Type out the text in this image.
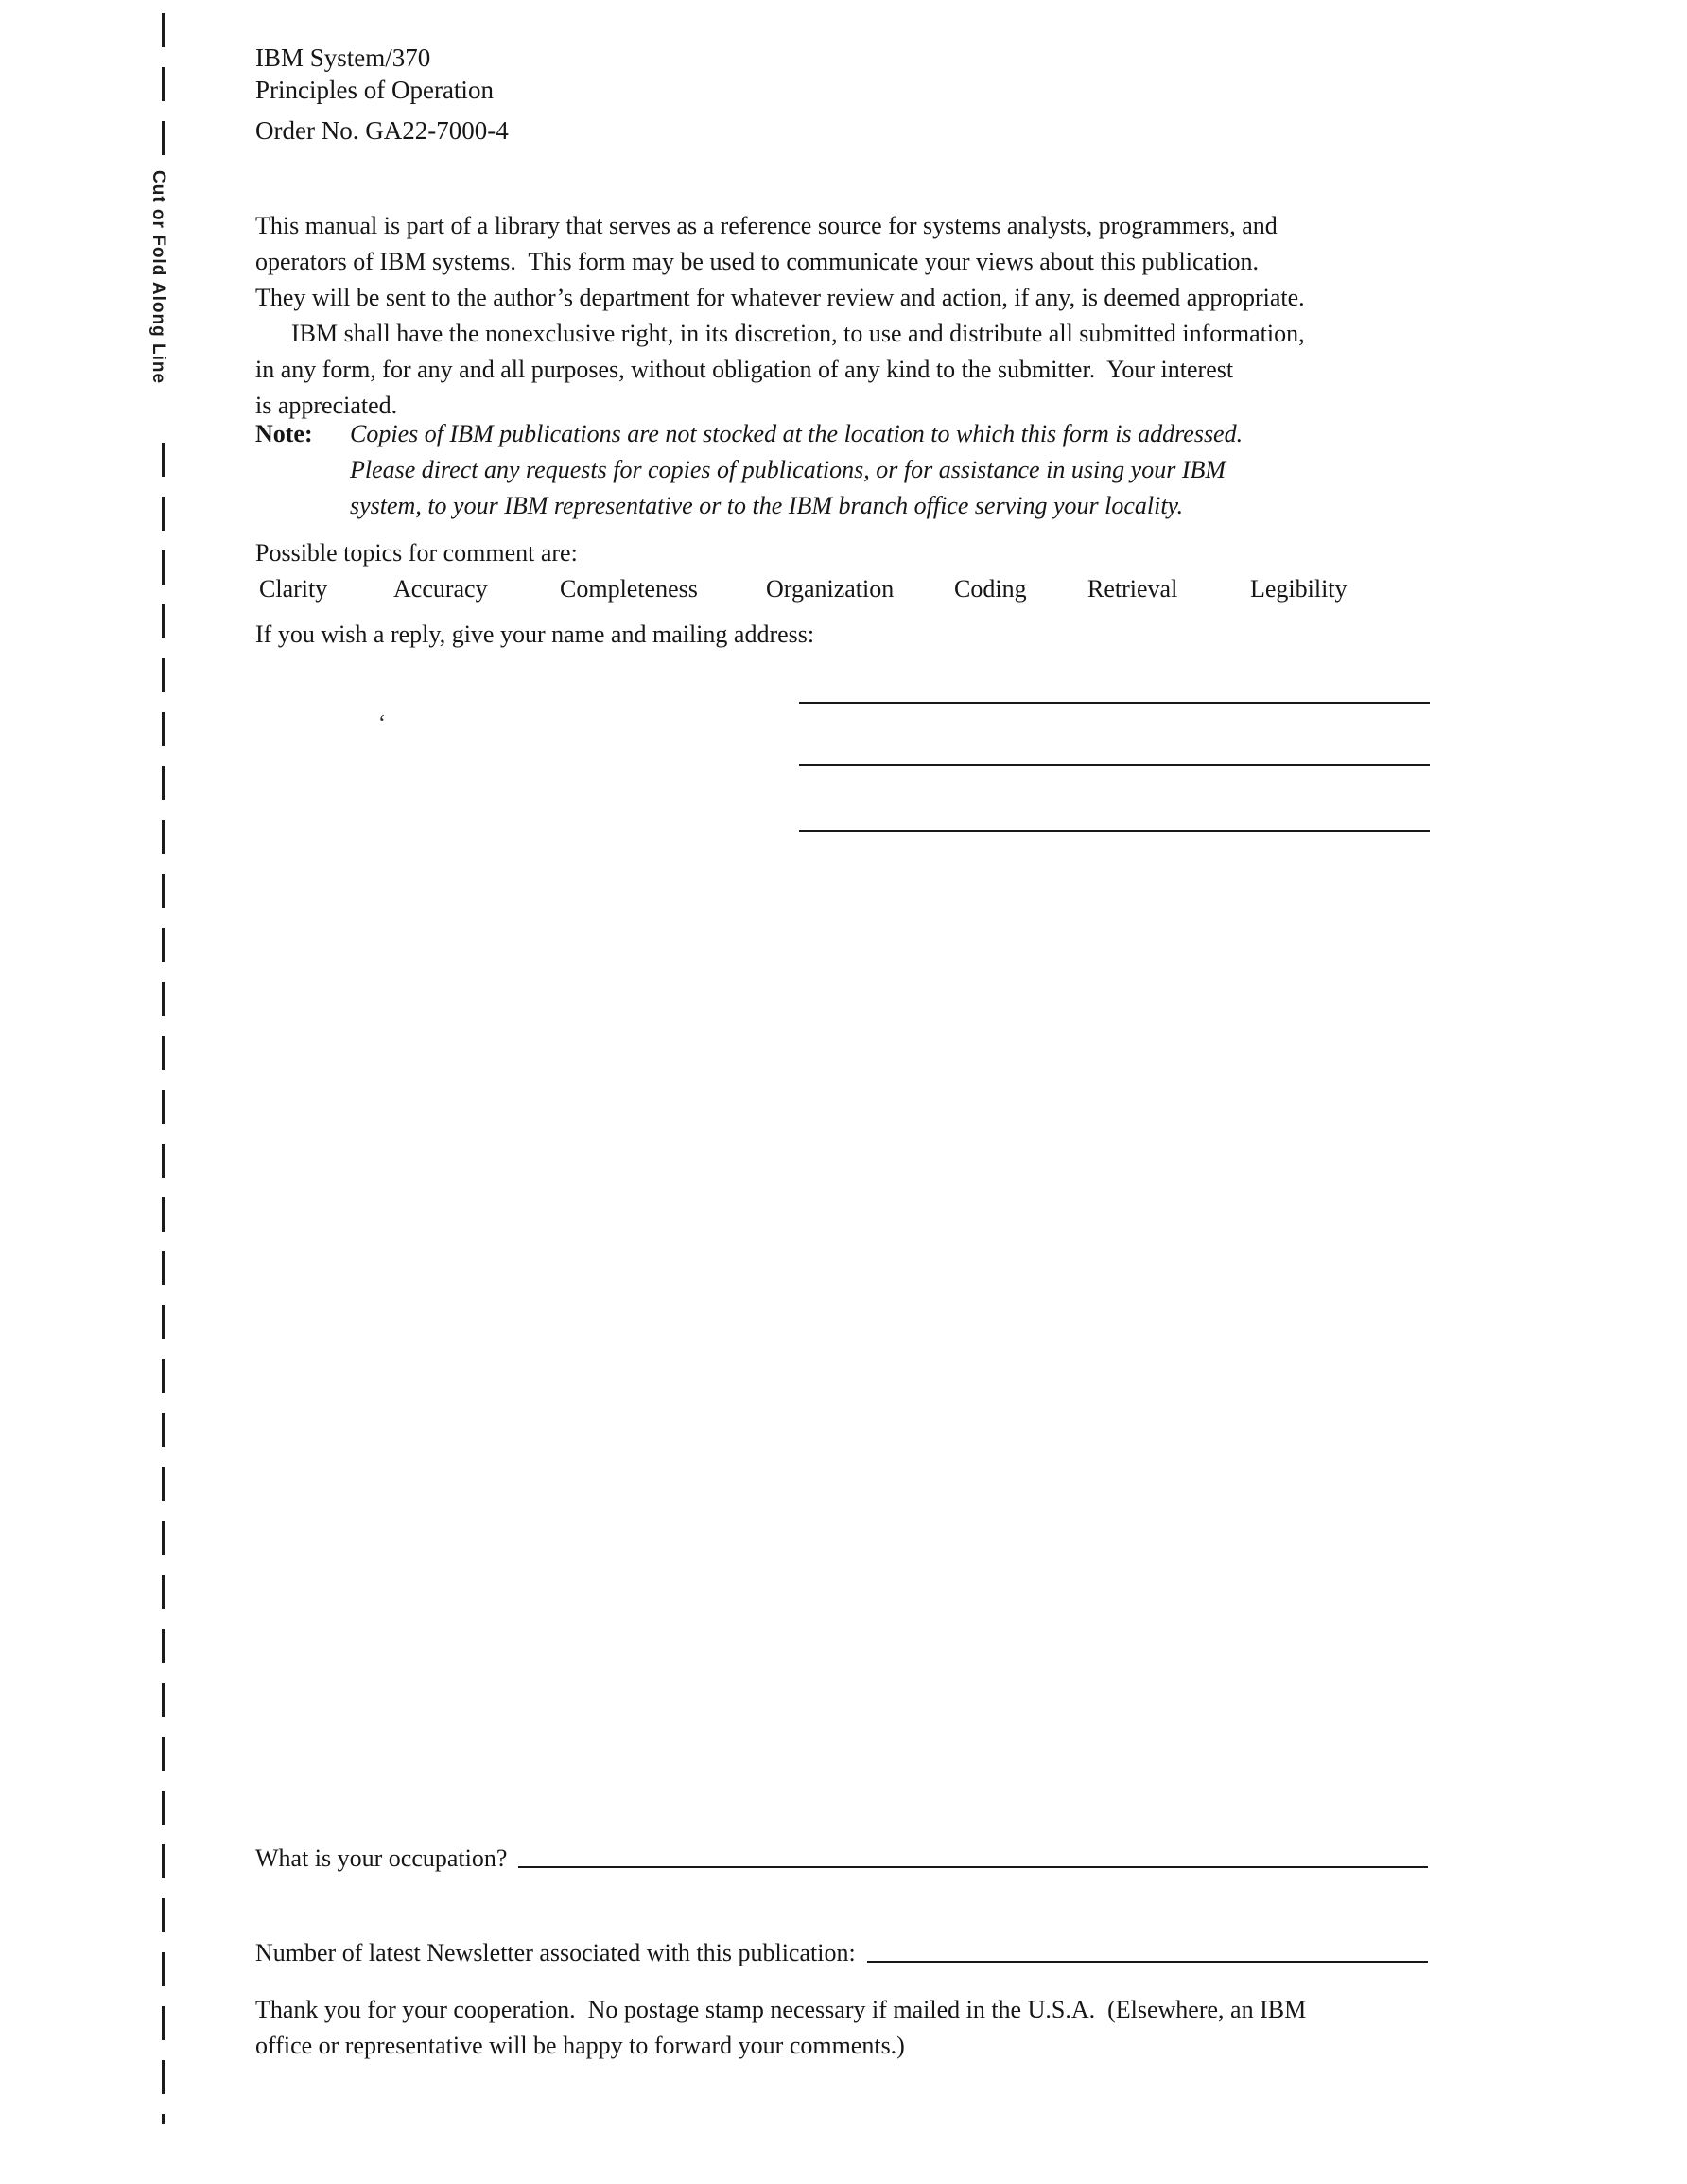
Cut or Fold Along Line
IBM System/370
Principles of Operation
Order No. GA22-7000-4
This manual is part of a library that serves as a reference source for systems analysts, programmers, and
operators of IBM systems.  This form may be used to communicate your views about this publication.
They will be sent to the author’s department for whatever review and action, if any, is deemed appropriate.
IBM shall have the nonexclusive right, in its discretion, to use and distribute all submitted information,
in any form, for any and all purposes, without obligation of any kind to the submitter.  Your interest
is appreciated.
Note: Copies of IBM publications are not stocked at the location to which this form is addressed.
Please direct any requests for copies of publications, or for assistance in using your IBM
system, to your IBM representative or to the IBM branch office serving your locality.
Possible topics for comment are:
Clarity	Accuracy	Completeness	Organization Coding Retrieval	Legibility
If you wish a reply, give your name and mailing address:
‘
What is your occupation?
Number of latest Newsletter associated with this publication:
Thank you for your cooperation.  No postage stamp necessary if mailed in the U.S.A.  (Elsewhere, an IBM
office or representative will be happy to forward your comments.)
